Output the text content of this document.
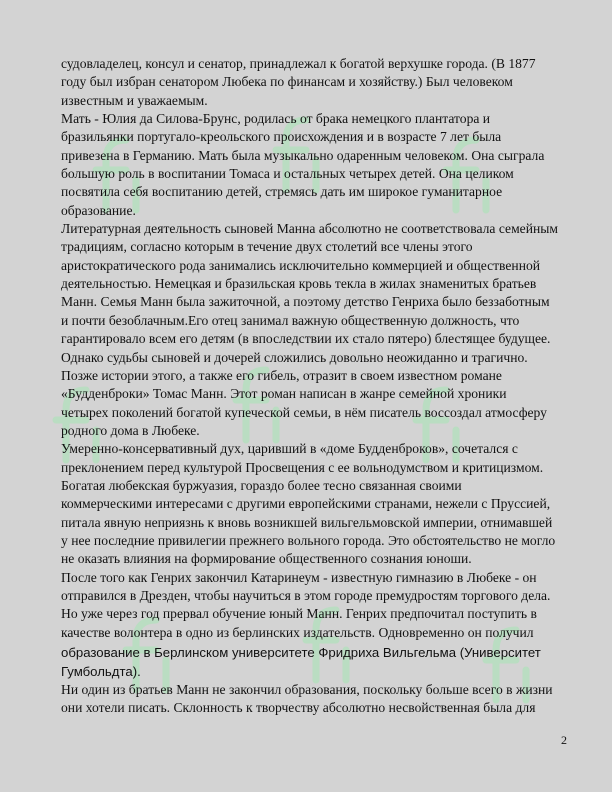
судовладелец, консул и сенатор, принадлежал к богатой верхушке города. (В 1877
году был избран сенатором Любека по финансам и хозяйству.) Был человеком
известным и уважаемым.
Мать - Юлия да Силова-Брунс, родилась от брака немецкого плантатора и
бразильянки португало-креольского происхождения и в возрасте 7 лет была
привезена в Германию. Мать была музыкально одаренным человеком. Она сыграла
большую роль в воспитании Томаса и остальных четырех детей. Она целиком
посвятила себя воспитанию детей, стремясь дать им широкое гуманитарное
образование.
Литературная деятельность сыновей Манна абсолютно не соответствовала семейным
традициям, согласно которым в течение двух столетий все члены этого
аристократического рода занимались исключительно коммерцией и общественной
деятельностью. Немецкая и бразильская кровь текла в жилах знаменитых братьев
Манн. Семья Манн была зажиточной, а поэтому детство Генриха было беззаботным
и почти безоблачным.Его отец занимал важную общественную должность, что
гарантировало всем его детям (в впоследствии их стало пятеро) блестящее будущее.
Однако судьбы сыновей и дочерей сложились довольно неожиданно и трагично.
Позже истории этого, а также его гибель, отразит в своем известном романе
«Будденброки» Томас Манн. Этот роман написан в жанре семейной хроники
четырех поколений богатой купеческой семьи, в нём писатель воссоздал атмосферу
родного дома в Любеке.
Умеренно-консервативный дух, царивший в «доме Будденброков», сочетался с
преклонением перед культурой Просвещения с ее вольнодумством и критицизмом.
Богатая любекская буржуазия, гораздо более тесно связанная своими
коммерческими интересами с другими европейскими странами, нежели с Пруссией,
питала явную неприязнь к вновь возникшей вильгельмовской империи, отнимавшей
у нее последние привилегии прежнего вольного города. Это обстоятельство не могло
не оказать влияния на формирование общественного сознания юноши.
После того как Генрих закончил Катаринеум - известную гимназию в Любеке - он
отправился в Дрезден, чтобы научиться в этом городе премудростям торгового дела.
Но уже через год прервал обучение юный Манн. Генрих предпочитал поступить в
качестве волонтера в одно из берлинских издательств. Одновременно он получил
образование в Берлинском университете Фридриха Вильгельма (Университет
Гумбольдта).
Ни один из братьев Манн не закончил образования, поскольку больше всего в жизни
они хотели писать. Склонность к творчеству абсолютно несвойственная была для
2
